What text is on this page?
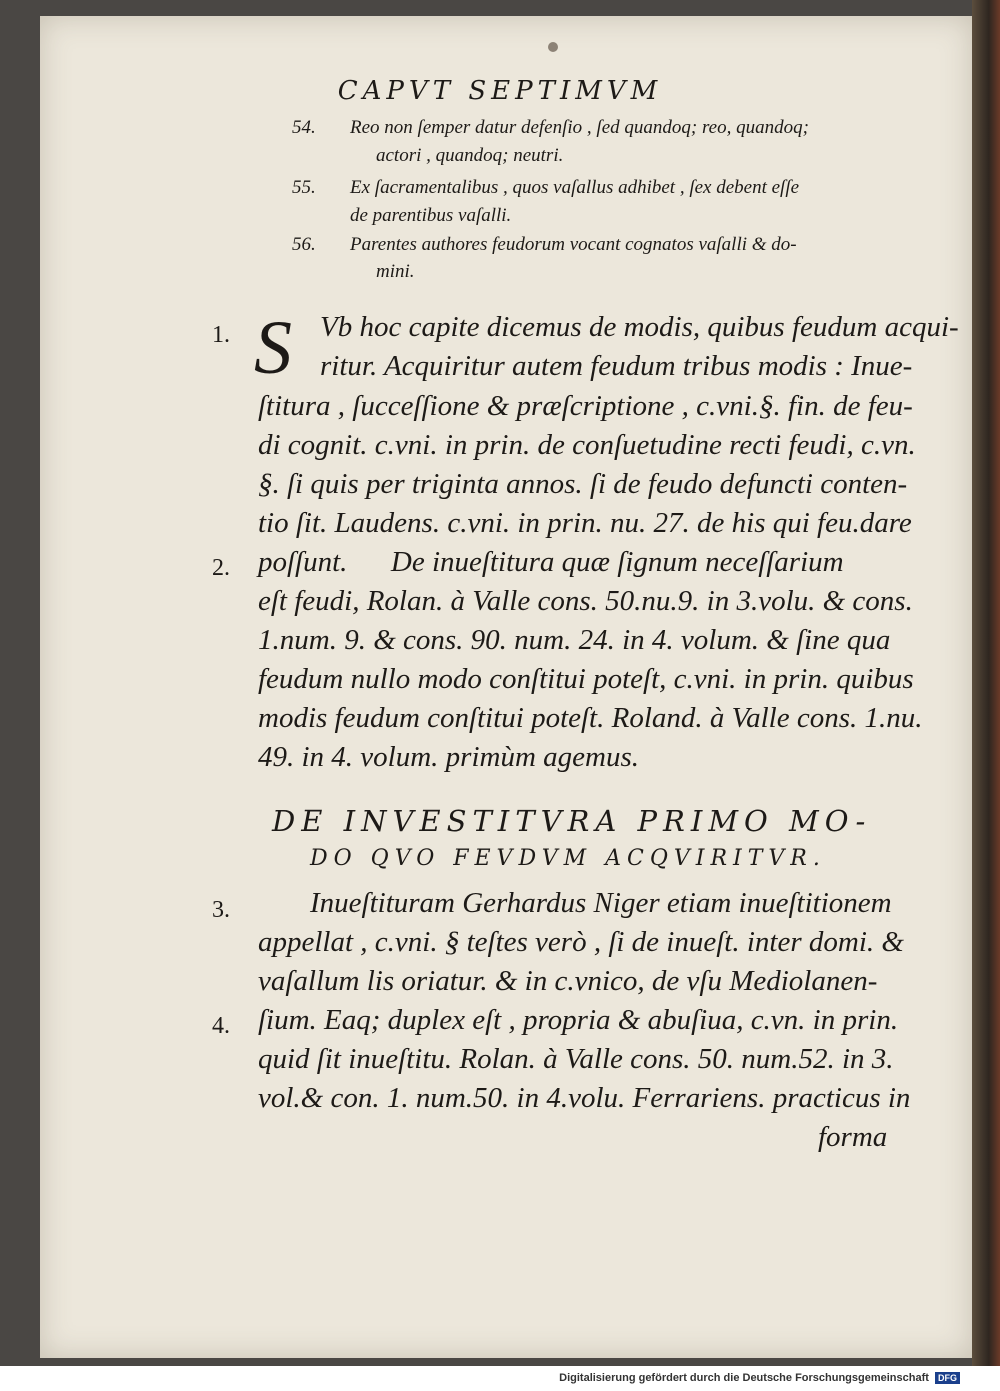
CAPVT SEPTIMVM
54. Reo non ſemper datur defenſio , ſed quandoq; reo, quandoq;
actori , quandoq; neutri.
55. Ex ſacramentalibus , quos vaſallus adhibet , ſex debent eſſe
de parentibus vaſalli.
56. Parentes authores feudorum vocant cognatos vaſalli & do-
mini.
1.
2.
3.
4.
S Vb hoc capite dicemus de modis, quibus feudum acqui-
ritur. Acquiritur autem feudum tribus modis : Inue-
ſtitura , ſucceſſione & præſcriptione , c.vni.§. fin. de feu-
di cognit. c.vni. in prin. de conſuetudine recti feudi, c.vn.
§. ſi quis per triginta annos. ſi de feudo defuncti conten-
tio ſit. Laudens. c.vni. in prin. nu. 27. de his qui feu.dare
poſſunt.      De inueſtitura quæ ſignum neceſſarium
eſt feudi, Rolan. à Valle cons. 50.nu.9. in 3.volu. & cons.
1.num. 9. & cons. 90. num. 24. in 4. volum. & ſine qua
feudum nullo modo conſtitui poteſt, c.vni. in prin. quibus
modis feudum conſtitui poteſt. Roland. à Valle cons. 1.nu.
49. in 4. volum. primùm agemus.
DE INVESTITVRA PRIMO MO-
DO QVO FEVDVM ACQVIRITVR.
Inueſtituram Gerhardus Niger etiam inueſtitionem
appellat , c.vni. § teſtes verò , ſi de inueſt. inter domi. &
vaſallum lis oriatur. & in c.vnico, de vſu Mediolanen-
ſium. Eaq; duplex eſt , propria & abuſiua, c.vn. in prin.
quid ſit inueſtitu. Rolan. à Valle cons. 50. num.52. in 3.
vol.& con. 1. num.50. in 4.volu. Ferrariens. practicus in
forma
Digitalisierung gefördert durch die Deutsche Forschungsgemeinschaft DFG
